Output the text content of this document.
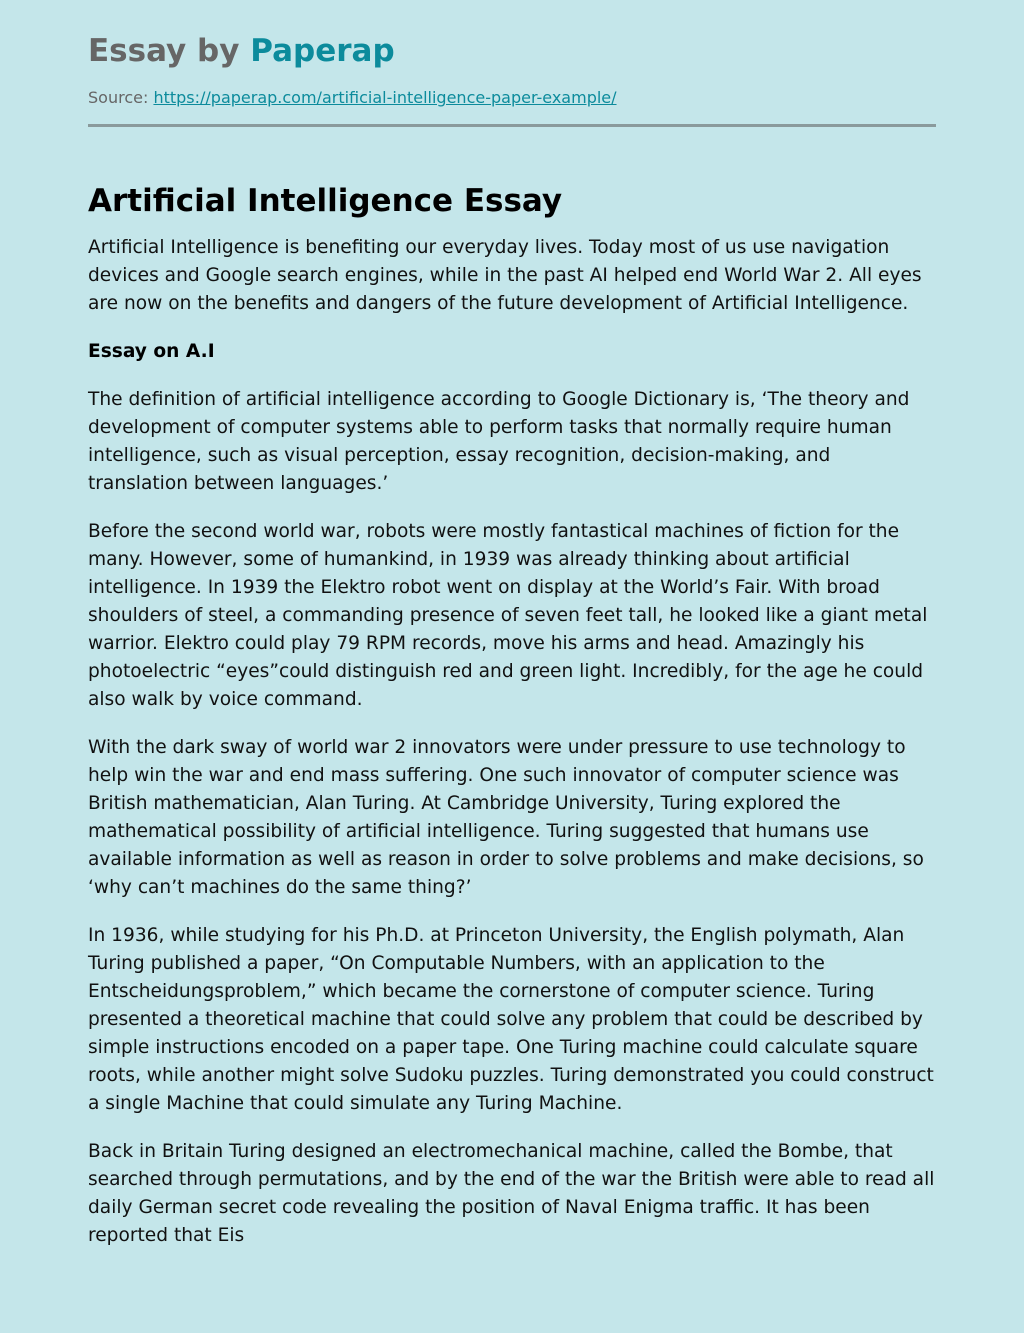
Essay by Paperap
Source: https://paperap.com/artificial-intelligence-paper-example/
Artificial Intelligence Essay

Artificial Intelligence is benefiting our everyday lives. Today most of us use navigation devices and Google search engines, while in the past AI helped end World War 2. All eyes are now on the benefits and dangers of the future development of Artificial Intelligence.

Essay on A.I

The definition of artificial intelligence according to Google Dictionary is, ‘The theory and development of computer systems able to perform tasks that normally require human intelligence, such as visual perception, essay recognition, decision-making, and translation between languages.’

Before the second world war, robots were mostly fantastical machines of fiction for the many. However, some of humankind, in 1939 was already thinking about artificial intelligence. In 1939 the Elektro robot went on display at the World’s Fair. With broad shoulders of steel, a commanding presence of seven feet tall, he looked like a giant metal warrior. Elektro could play 79 RPM records, move his arms and head. Amazingly his photoelectric “eyes”could distinguish red and green light. Incredibly, for the age he could also walk by voice command.

With the dark sway of world war 2 innovators were under pressure to use technology to help win the war and end mass suffering. One such innovator of computer science was British mathematician, Alan Turing. At Cambridge University, Turing explored the mathematical possibility of artificial intelligence. Turing suggested that humans use available information as well as reason in order to solve problems and make decisions, so ‘why can’t machines do the same thing?’

In 1936, while studying for his Ph.D. at Princeton University, the English polymath, Alan Turing published a paper, “On Computable Numbers, with an application to the Entscheidungsproblem,” which became the cornerstone of computer science. Turing presented a theoretical machine that could solve any problem that could be described by simple instructions encoded on a paper tape. One Turing machine could calculate square roots, while another might solve Sudoku puzzles. Turing demonstrated you could construct a single Machine that could simulate any Turing Machine.

Back in Britain Turing designed an electromechanical machine, called the Bombe, that searched through permutations, and by the end of the war the British were able to read all daily German secret code revealing the position of Naval Enigma traffic. It has been reported that Eis
